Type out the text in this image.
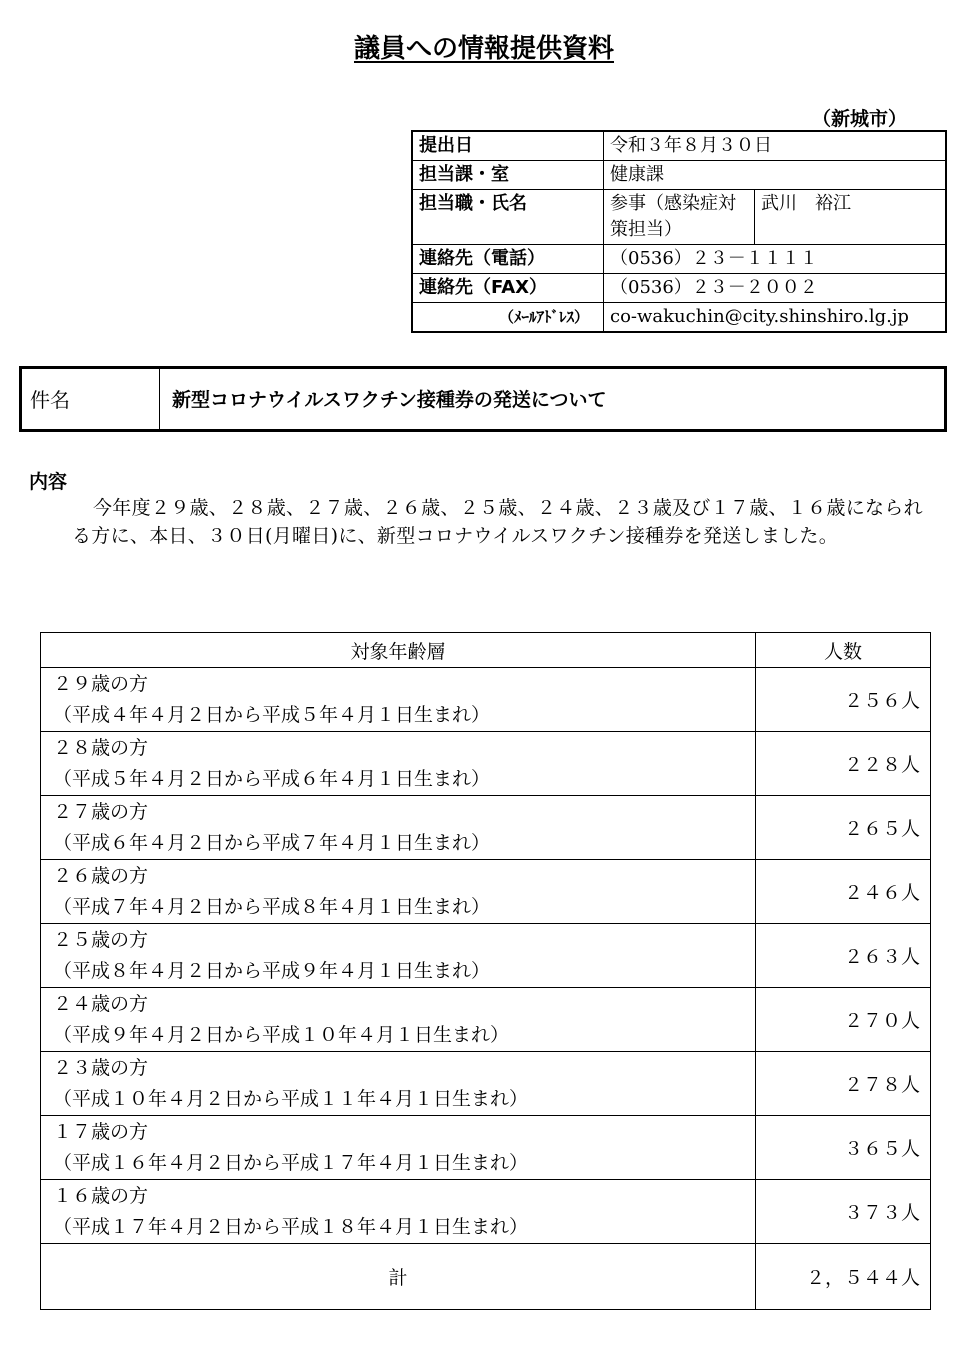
議員への情報提供資料
（新城市）
提出日	令和３年８月３０日	
担当課・室	健康課	
担当職・氏名	参事（感染症対策担当）	武川　裕江
連絡先（電話）	（0536）２３－１１１１	
連絡先（FAX）	（0536）２３－２００２	
（ﾒｰﾙｱﾄﾞﾚｽ）	co-wakuchin@city.shinshiro.lg.jp	
件名	新型コロナウイルスワクチン接種券の発送について
内容
今年度２９歳、２８歳、２７歳、２６歳、２５歳、２４歳、２３歳及び１７歳、１６歳になられる方に、本日、３０日(月曜日)に、新型コロナウイルスワクチン接種券を発送しました。
対象年齢層	人数

２９歳の方
（平成４年４月２日から平成５年４月１日生まれ）	２５６人

２８歳の方
（平成５年４月２日から平成６年４月１日生まれ）	２２８人

２７歳の方
（平成６年４月２日から平成７年４月１日生まれ）	２６５人

２６歳の方
（平成７年４月２日から平成８年４月１日生まれ）	２４６人

２５歳の方
（平成８年４月２日から平成９年４月１日生まれ）	２６３人

２４歳の方
（平成９年４月２日から平成１０年４月１日生まれ）	２７０人

２３歳の方
（平成１０年４月２日から平成１１年４月１日生まれ）	２７８人

１７歳の方
（平成１６年４月２日から平成１７年４月１日生まれ）	３６５人

１６歳の方
（平成１７年４月２日から平成１８年４月１日生まれ）	３７３人
計	２，５４４人
